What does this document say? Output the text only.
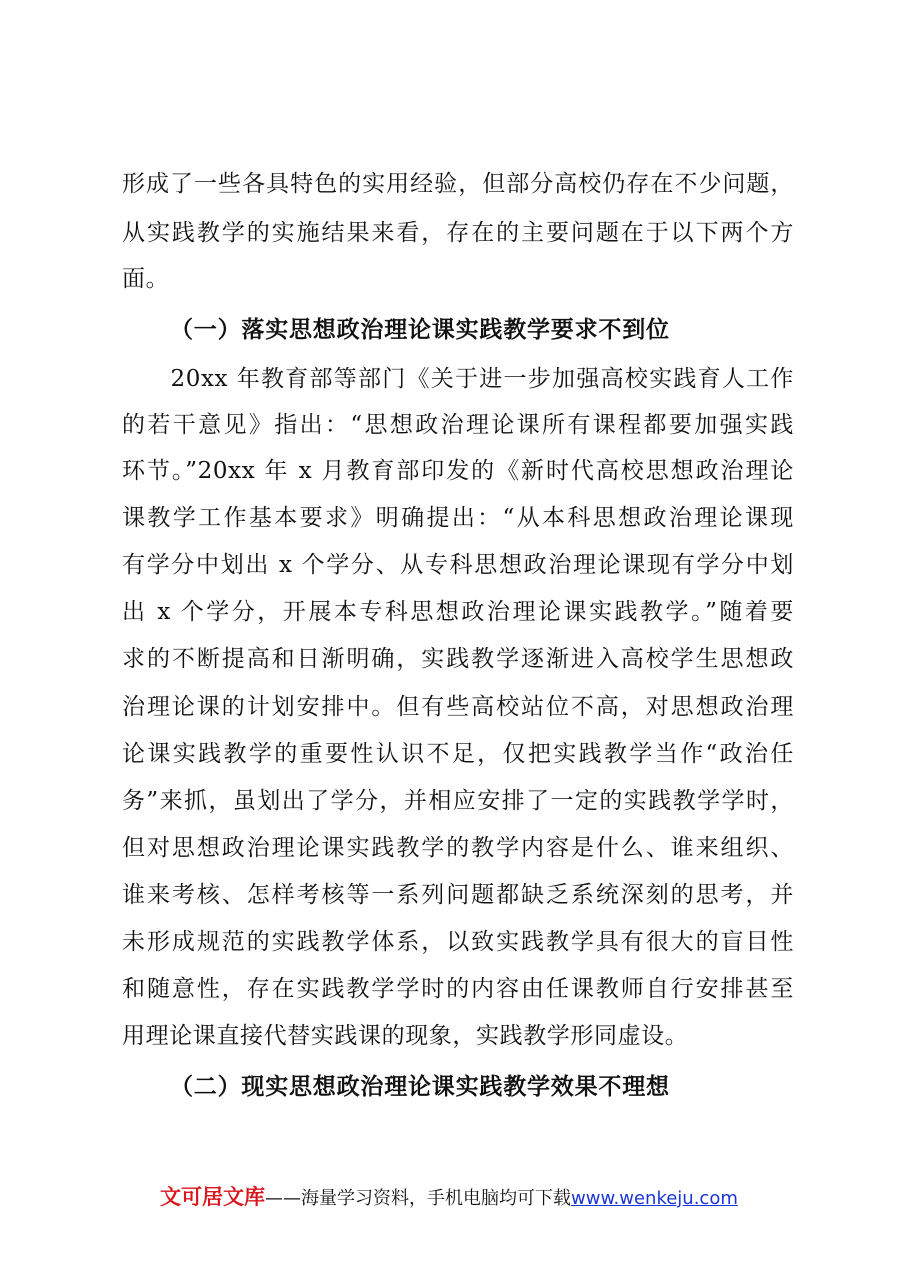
形成了一些各具特色的实用经验，但部分高校仍存在不少问题，
从实践教学的实施结果来看，存在的主要问题在于以下两个方
面。
（一）落实思想政治理论课实践教学要求不到位
　　20xx 年教育部等部门《关于进一步加强高校实践育人工作
的若干意见》指出：“思想政治理论课所有课程都要加强实践
环节。”20xx 年 x 月教育部印发的《新时代高校思想政治理论
课教学工作基本要求》明确提出：“从本科思想政治理论课现
有学分中划出 x 个学分、从专科思想政治理论课现有学分中划
出 x 个学分，开展本专科思想政治理论课实践教学。”随着要
求的不断提高和日渐明确，实践教学逐渐进入高校学生思想政
治理论课的计划安排中。但有些高校站位不高，对思想政治理
论课实践教学的重要性认识不足，仅把实践教学当作“政治任
务”来抓，虽划出了学分，并相应安排了一定的实践教学学时，
但对思想政治理论课实践教学的教学内容是什么、谁来组织、
谁来考核、怎样考核等一系列问题都缺乏系统深刻的思考，并
未形成规范的实践教学体系，以致实践教学具有很大的盲目性
和随意性，存在实践教学学时的内容由任课教师自行安排甚至
用理论课直接代替实践课的现象，实践教学形同虚设。
（二）现实思想政治理论课实践教学效果不理想
文可居文库——海量学习资料，手机电脑均可下载www.wenkeju.com
